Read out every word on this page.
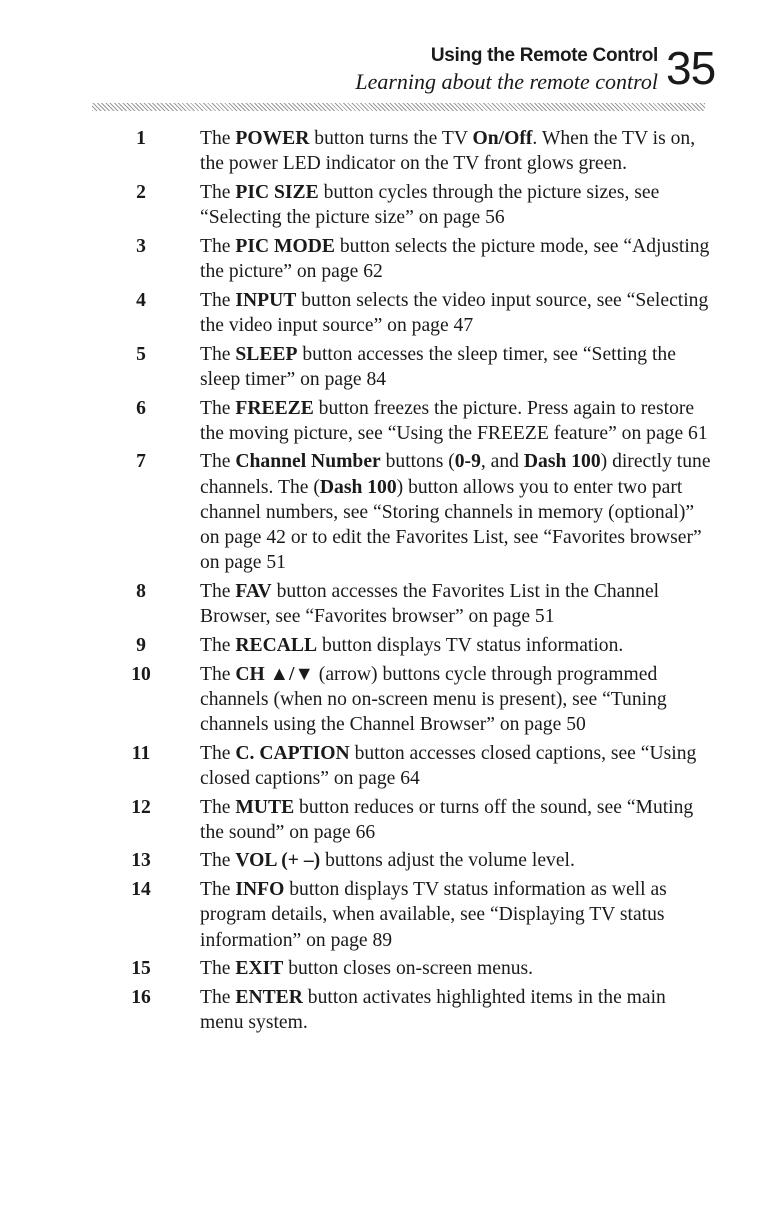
Using the Remote Control
Learning about the remote control 35
1	The POWER button turns the TV On/Off. When the TV is on, the power LED indicator on the TV front glows green.
2	The PIC SIZE button cycles through the picture sizes, see “Selecting the picture size” on page 56
3	The PIC MODE button selects the picture mode, see “Adjusting the picture” on page 62
4	The INPUT button selects the video input source, see “Selecting the video input source” on page 47
5	The SLEEP button accesses the sleep timer, see “Setting the sleep timer” on page 84
6	The FREEZE button freezes the picture. Press again to restore the moving picture, see “Using the FREEZE feature” on page 61
7	The Channel Number buttons (0-9, and Dash 100) directly tune channels. The (Dash 100) button allows you to enter two part channel numbers, see “Storing channels in memory (optional)” on page 42 or to edit the Favorites List, see “Favorites browser” on page 51
8	The FAV button accesses the Favorites List in the Channel Browser, see “Favorites browser” on page 51
9	The RECALL button displays TV status information.
10	The CH ▲/▼ (arrow) buttons cycle through programmed channels (when no on-screen menu is present), see “Tuning channels using the Channel Browser” on page 50
11	The C. CAPTION button accesses closed captions, see “Using closed captions” on page 64
12	The MUTE button reduces or turns off the sound, see “Muting the sound” on page 66
13	The VOL (+ –) buttons adjust the volume level.
14	The INFO button displays TV status information as well as program details, when available, see “Displaying TV status information” on page 89
15	The EXIT button closes on-screen menus.
16	The ENTER button activates highlighted items in the main menu system.
